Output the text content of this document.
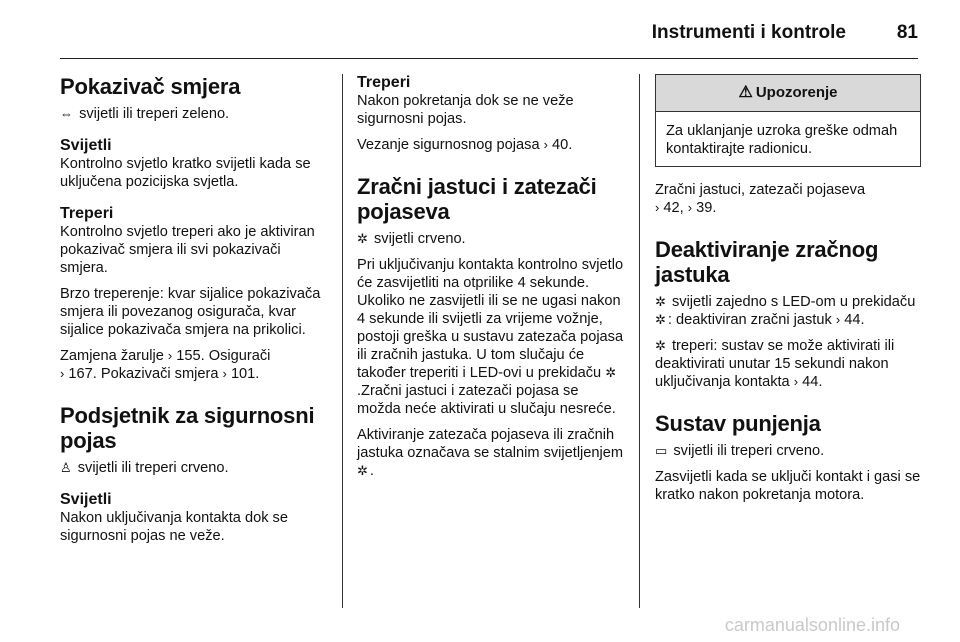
Instrumenti i kontrole	81
Pokazivač smjera

⇔ svijetli ili treperi zeleno.

Svijetli

Kontrolno svjetlo kratko svijetli kada se uključena pozicijska svjetla.

Treperi

Kontrolno svjetlo treperi ako je aktiviran pokazivač smjera ili svi pokazivači smjera.

Brzo treperenje: kvar sijalice pokazivača smjera ili povezanog osigurača, kvar sijalice pokazivača smjera na prikolici.

Zamjena žarulje › 155. Osigurači
› 167. Pokazivači smjera › 101.

Podsjetnik za sigurnosni pojas

♙ svijetli ili treperi crveno.

Svijetli

Nakon uključivanja kontakta dok se sigurnosni pojas ne veže.

Treperi

Nakon pokretanja dok se ne veže sigurnosni pojas.

Vezanje sigurnosnog pojasa › 40.

Zračni jastuci i zatezači pojaseva

✲ svijetli crveno.

Pri uključivanju kontakta kontrolno svjetlo će zasvijetliti na otprilike 4 sekunde. Ukoliko ne zasvijetli ili se ne ugasi nakon 4 sekunde ili svijetli za vrijeme vožnje, postoji greška u sustavu zatezača pojasa ili zračnih jastuka. U tom slučaju će također treperiti i LED-ovi u prekidaču ✲.Zračni jastuci i zatezači pojasa se možda neće aktivirati u slučaju nesreće.

Aktiviranje zatezača pojaseva ili zračnih jastuka označava se stalnim svijetljenjem ✲ .

⚠ Upozorenje
Za uklanjanje uzroka greške odmah kontaktirajte radionicu.

Zračni jastuci, zatezači pojaseva
› 42, › 39.

Deaktiviranje zračnog jastuka

✲ svijetli zajedno s LED-om u prekidaču ✲ : deaktiviran zračni jastuk › 44.

✲ treperi: sustav se može aktivirati ili deaktivirati unutar 15 sekundi nakon uključivanja kontakta › 44.

Sustav punjenja

▭ svijetli ili treperi crveno.

Zasvijetli kada se uključi kontakt i gasi se kratko nakon pokretanja motora.

carmanualsonline.info
